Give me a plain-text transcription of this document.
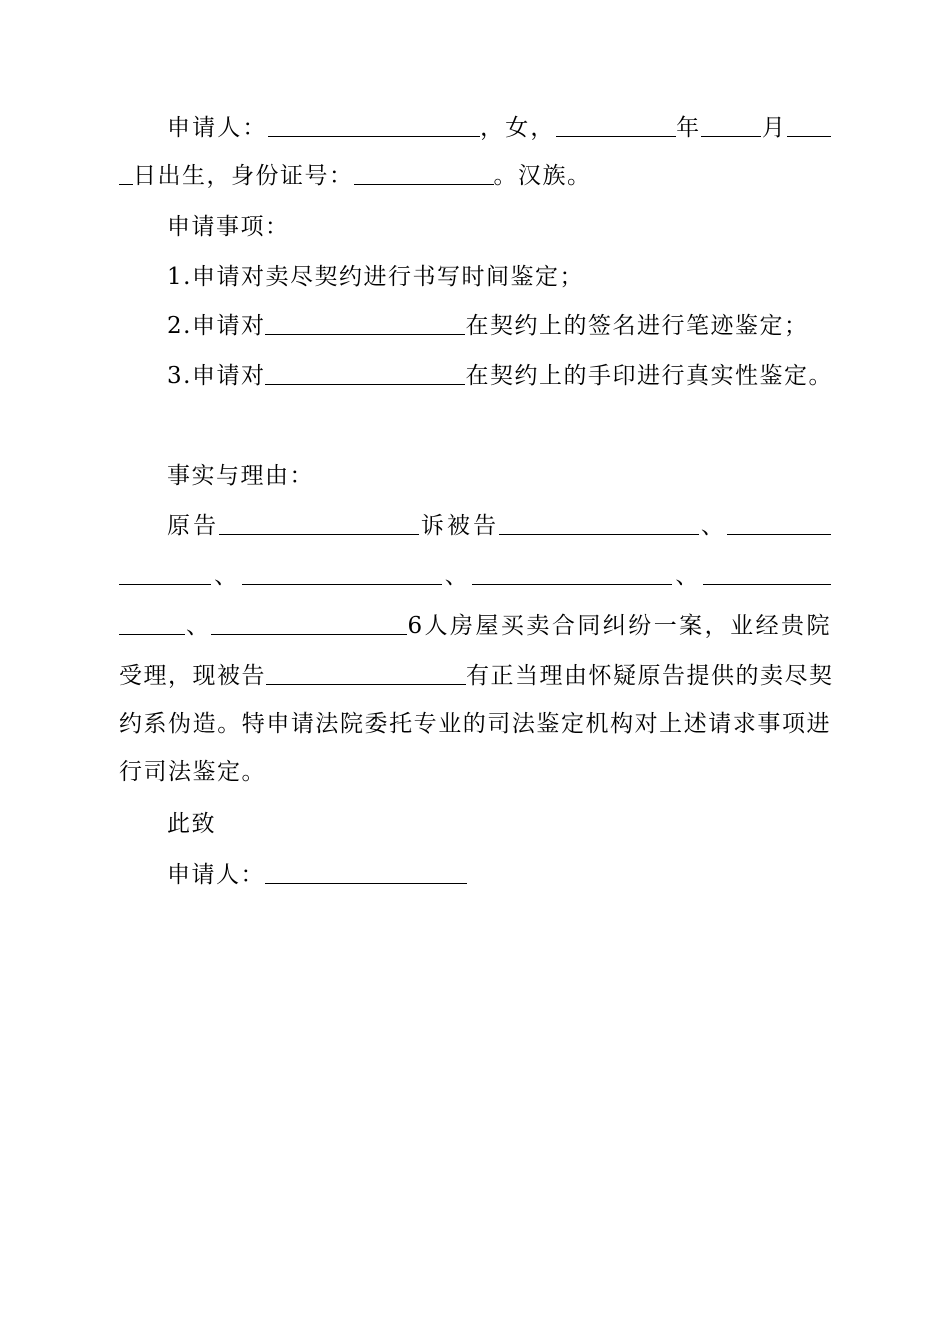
申请人：	，女，	年	月
日出生，身份证号：	。汉族。
申请事项：
1.申请对卖尽契约进行书写时间鉴定；
2.申请对	在契约上的签名进行笔迹鉴定；
3.申请对	在契约上的手印进行真实性鉴定。
事实与理由：
原告	诉被告	、
、	、	、
、	6人房屋买卖合同纠纷一案，业经贵院
受理，现被告	有正当理由怀疑原告提供的卖尽契
约系伪造。特申请法院委托专业的司法鉴定机构对上述请求事项进
行司法鉴定。
此致
申请人：
